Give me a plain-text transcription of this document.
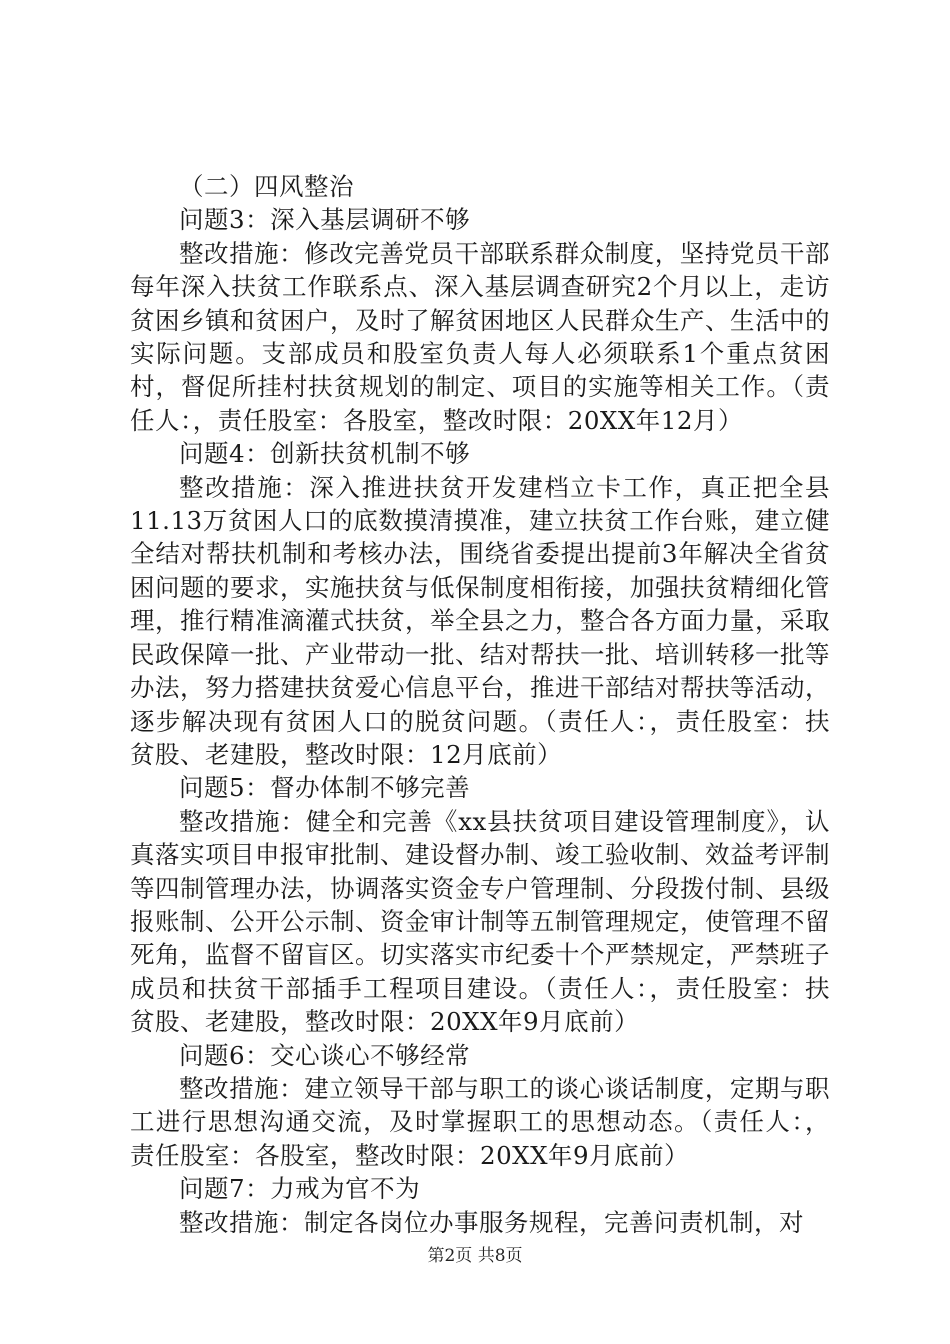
（二）四风整治

问题3：深入基层调研不够

整改措施：修改完善党员干部联系群众制度，坚持党员干部每年深入扶贫工作联系点、深入基层调查研究2个月以上，走访贫困乡镇和贫困户，及时了解贫困地区人民群众生产、生活中的实际问题。支部成员和股室负责人每人必须联系1个重点贫困村，督促所挂村扶贫规划的制定、项目的实施等相关工作。（责任人：，责任股室：各股室，整改时限：20XX年12月）

问题4：创新扶贫机制不够

整改措施：深入推进扶贫开发建档立卡工作，真正把全县11.13万贫困人口的底数摸清摸准，建立扶贫工作台账，建立健全结对帮扶机制和考核办法，围绕省委提出提前3年解决全省贫困问题的要求，实施扶贫与低保制度相衔接，加强扶贫精细化管理，推行精准滴灌式扶贫，举全县之力，整合各方面力量，采取民政保障一批、产业带动一批、结对帮扶一批、培训转移一批等办法，努力搭建扶贫爱心信息平台，推进干部结对帮扶等活动，逐步解决现有贫困人口的脱贫问题。（责任人：，责任股室：扶贫股、老建股，整改时限：12月底前）

问题5：督办体制不够完善

整改措施：健全和完善《xx县扶贫项目建设管理制度》，认真落实项目申报审批制、建设督办制、竣工验收制、效益考评制等四制管理办法，协调落实资金专户管理制、分段拨付制、县级报账制、公开公示制、资金审计制等五制管理规定，使管理不留死角，监督不留盲区。切实落实市纪委十个严禁规定，严禁班子成员和扶贫干部插手工程项目建设。（责任人：，责任股室：扶贫股、老建股，整改时限：20XX年9月底前）

问题6：交心谈心不够经常

整改措施：建立领导干部与职工的谈心谈话制度，定期与职工进行思想沟通交流，及时掌握职工的思想动态。（责任人：，责任股室：各股室，整改时限：20XX年9月底前）

问题7：力戒为官不为

整改措施：制定各岗位办事服务规程，完善问责机制，对

第2页 共8页
